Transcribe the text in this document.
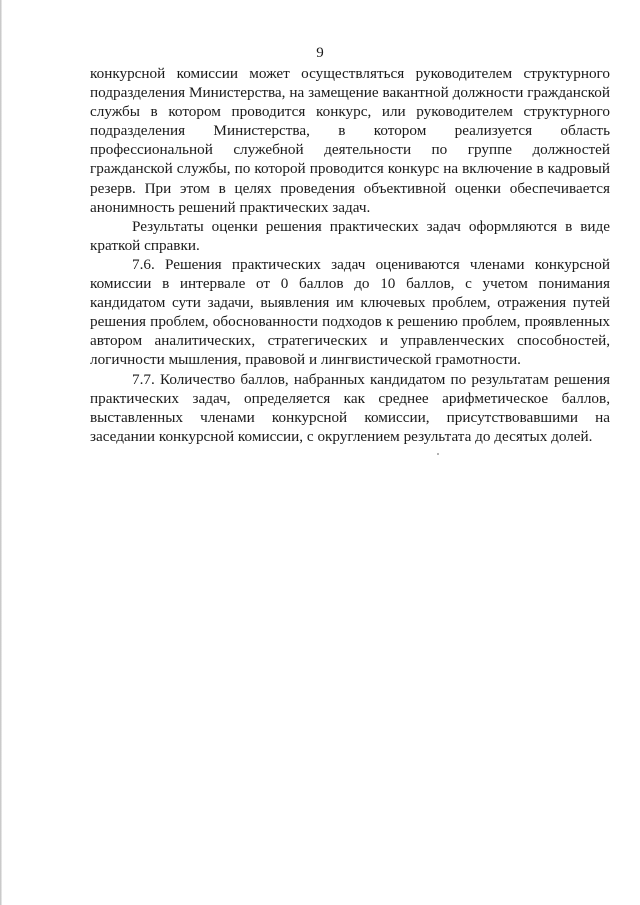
9

конкурсной комиссии может осуществляться руководителем структурного подразделения Министерства, на замещение вакантной должности гражданской службы в котором проводится конкурс, или руководителем структурного подразделения Министерства, в котором реализуется область профессиональной служебной деятельности по группе должностей гражданской службы, по которой проводится конкурс на включение в кадровый резерв. При этом в целях проведения объективной оценки обеспечивается анонимность решений практических задач.

Результаты оценки решения практических задач оформляются в виде краткой справки.

7.6. Решения практических задач оцениваются членами конкурсной комиссии в интервале от 0 баллов до 10 баллов, с учетом понимания кандидатом сути задачи, выявления им ключевых проблем, отражения путей решения проблем, обоснованности подходов к решению проблем, проявленных автором аналитических, стратегических и управленческих способностей, логичности мышления, правовой и лингвистической грамотности.

7.7. Количество баллов, набранных кандидатом по результатам решения практических задач, определяется как среднее арифметическое баллов, выставленных членами конкурсной комиссии, присутствовавшими на заседании конкурсной комиссии, с округлением результата до десятых долей.
